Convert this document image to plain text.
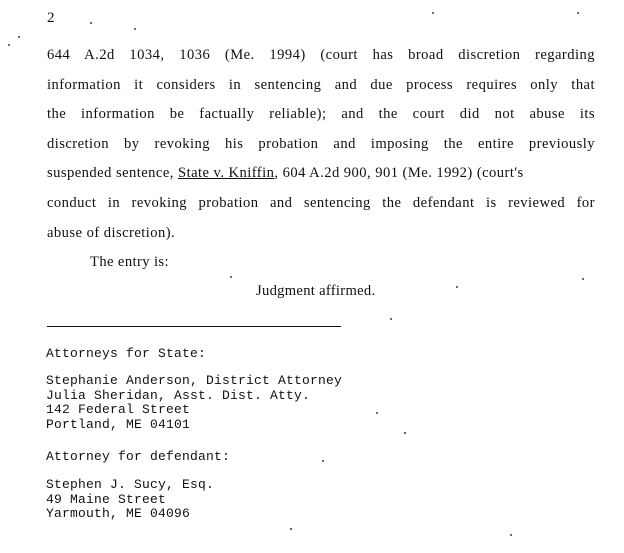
2
644 A.2d 1034, 1036 (Me. 1994) (court has broad discretion regarding
information it considers in sentencing and due process requires only that
the information be factually reliable); and the court did not abuse its
discretion by revoking his probation and imposing the entire previously
suspended sentence, State v. Kniffin, 604 A.2d 900, 901 (Me. 1992) (court's
conduct in revoking probation and sentencing the defendant is reviewed for
abuse of discretion).
The entry is:
Judgment affirmed.
Attorneys for State:
Stephanie Anderson, District Attorney
Julia Sheridan, Asst. Dist. Atty.
142 Federal Street
Portland, ME 04101
Attorney for defendant:
Stephen J. Sucy, Esq.
49 Maine Street
Yarmouth, ME 04096
